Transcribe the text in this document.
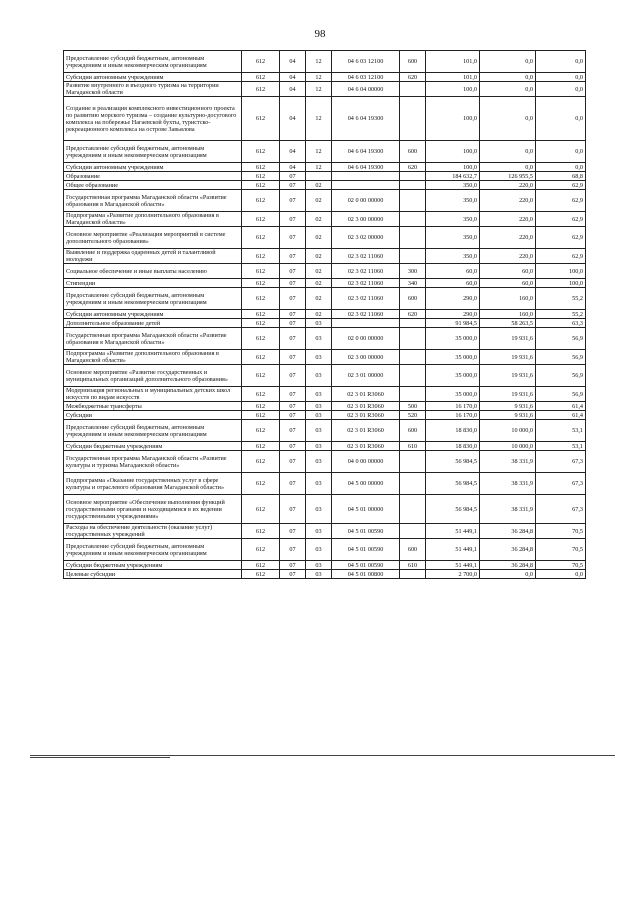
98
Предоставление субсидий бюджетным, автономным учреждениям и иным некоммерческим организациям	612	04	12	04 6 03 12100	600	101,0	0,0	0,0
Субсидии автономным учреждениям	612	04	12	04 6 03 12100	620	101,0	0,0	0,0
Развитие внутреннего и въездного туризма на территории Магаданской области	612	04	12	04 6 04 00000		100,0	0,0	0,0
Создание и реализация комплексного инвестиционного проекта по развитию морского туризма – создание культурно-досугового комплекса на побережье Нагаевской бухты, туристско-рекреационного комплекса на острове Завьялова	612	04	12	04 6 04 19300		100,0	0,0	0,0
Предоставление субсидий бюджетным, автономным учреждениям и иным некоммерческим организациям	612	04	12	04 6 04 19300	600	100,0	0,0	0,0
Субсидии автономным учреждениям	612	04	12	04 6 04 19300	620	100,0	0,0	0,0
Образование	612	07				184 632,7	126 955,5	68,8
Общее образование	612	07	02			350,0	220,0	62,9
Государственная программа Магаданской области «Развитие образования в Магаданской области»	612	07	02	02 0 00 00000		350,0	220,0	62,9
Подпрограмма «Развитие дополнительного образования в Магаданской области»	612	07	02	02 3 00 00000		350,0	220,0	62,9
Основное мероприятие «Реализация мероприятий в системе дополнительного образования»	612	07	02	02 3 02 00000		350,0	220,0	62,9
Выявление и поддержка одаренных детей и талантливой молодежи	612	07	02	02 3 02 11060		350,0	220,0	62,9
Социальное обеспечение и иные выплаты населению	612	07	02	02 3 02 11060	300	60,0	60,0	100,0
Стипендии	612	07	02	02 3 02 11060	340	60,0	60,0	100,0
Предоставление субсидий бюджетным, автономным учреждениям и иным некоммерческим организациям	612	07	02	02 3 02 11060	600	290,0	160,0	55,2
Субсидии автономным учреждениям	612	07	02	02 3 02 11060	620	290,0	160,0	55,2
Дополнительное образование детей	612	07	03			91 984,5	58 263,5	63,3
Государственная программа Магаданской области «Развитие образования в Магаданской области»	612	07	03	02 0 00 00000		35 000,0	19 931,6	56,9
Подпрограмма «Развитие дополнительного образования в Магаданской области»	612	07	03	02 3 00 00000		35 000,0	19 931,6	56,9
Основное мероприятие «Развитие государственных и муниципальных организаций дополнительного образования»	612	07	03	02 3 01 00000		35 000,0	19 931,6	56,9
Модернизация региональных и муниципальных детских школ искусств по видам искусств	612	07	03	02 3 01 R3060		35 000,0	19 931,6	56,9
Межбюджетные трансферты	612	07	03	02 3 01 R3060	500	16 170,0	9 931,6	61,4
Субсидии	612	07	03	02 3 01 R3060	520	16 170,0	9 931,6	61,4
Предоставление субсидий бюджетным, автономным учреждениям и иным некоммерческим организациям	612	07	03	02 3 01 R3060	600	18 830,0	10 000,0	53,1
Субсидии бюджетным учреждениям	612	07	03	02 3 01 R3060	610	18 830,0	10 000,0	53,1
Государственная программа Магаданской области «Развитие культуры и туризма Магаданской области»	612	07	03	04 0 00 00000		56 984,5	38 331,9	67,3
Подпрограмма «Оказание государственных услуг в сфере культуры и отраслевого образования Магаданской области»	612	07	03	04 5 00 00000		56 984,5	38 331,9	67,3
Основное мероприятие «Обеспечение выполнения функций государственными органами и находящимися в их ведении государственными учреждениями»	612	07	03	04 5 01 00000		56 984,5	38 331,9	67,3
Расходы на обеспечение деятельности (оказание услуг) государственных учреждений	612	07	03	04 5 01 00590		51 449,1	36 284,8	70,5
Предоставление субсидий бюджетным, автономным учреждениям и иным некоммерческим организациям	612	07	03	04 5 01 00590	600	51 449,1	36 284,8	70,5
Субсидии бюджетным учреждениям	612	07	03	04 5 01 00590	610	51 449,1	36 284,8	70,5
Целевые субсидии	612	07	03	04 5 01 00800		2 700,0	0,0	0,0
